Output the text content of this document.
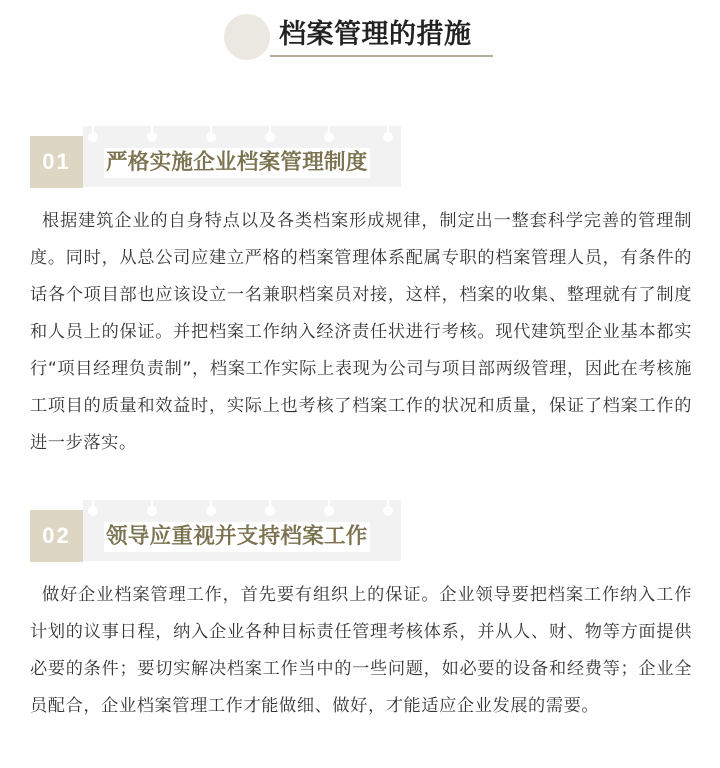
档案管理的措施
01	严格实施企业档案管理制度

根据建筑企业的自身特点以及各类档案形成规律，制定出一整套科学完善的管理制度。同时，从总公司应建立严格的档案管理体系配属专职的档案管理人员，有条件的话各个项目部也应该设立一名兼职档案员对接，这样，档案的收集、整理就有了制度和人员上的保证。并把档案工作纳入经济责任状进行考核。现代建筑型企业基本都实行“项目经理负责制”，档案工作实际上表现为公司与项目部两级管理，因此在考核施工项目的质量和效益时，实际上也考核了档案工作的状况和质量，保证了档案工作的进一步落实。

02	领导应重视并支持档案工作

做好企业档案管理工作，首先要有组织上的保证。企业领导要把档案工作纳入工作计划的议事日程，纳入企业各种目标责任管理考核体系，并从人、财、物等方面提供必要的条件；要切实解决档案工作当中的一些问题，如必要的设备和经费等；企业全员配合，企业档案管理工作才能做细、做好，才能适应企业发展的需要。
